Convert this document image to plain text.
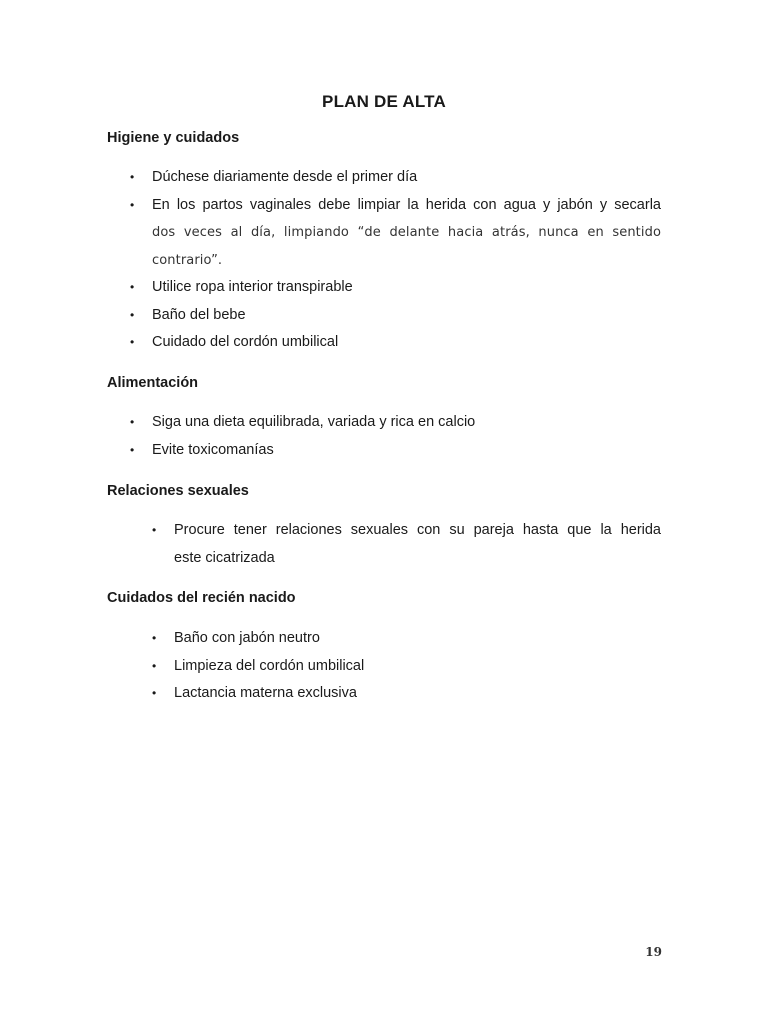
PLAN DE ALTA
Higiene y cuidados
• Dúchese diariamente desde el primer día
• En los partos vaginales debe limpiar la herida con agua y jabón y secarla
dos veces al día, limpiando “de delante hacia atrás, nunca en sentido
contrario”.
• Utilice ropa interior transpirable
• Baño del bebe
• Cuidado del cordón umbilical
Alimentación
• Siga una dieta equilibrada, variada y rica en calcio
• Evite toxicomanías
Relaciones sexuales
• Procure tener relaciones sexuales con su pareja hasta que la herida
este cicatrizada
Cuidados del recién nacido
• Baño con jabón neutro
• Limpieza del cordón umbilical
• Lactancia materna exclusiva
19
